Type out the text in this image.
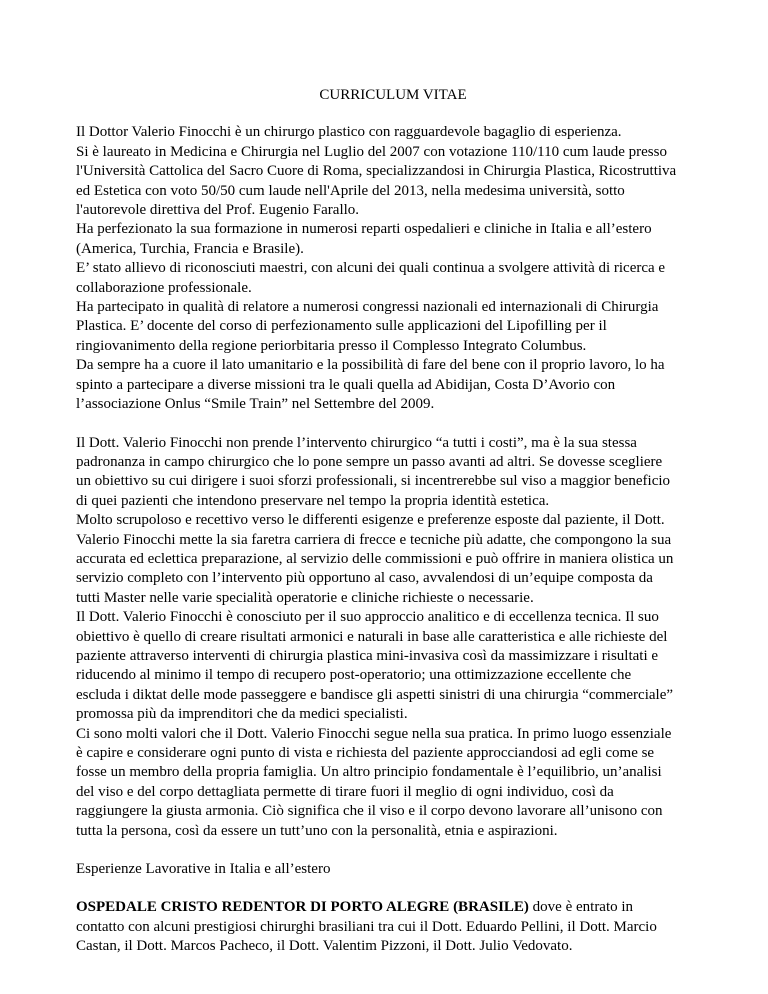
CURRICULUM VITAE
Il Dottor Valerio Finocchi è un chirurgo plastico con ragguardevole bagaglio di esperienza.
Si è laureato in Medicina e Chirurgia nel Luglio del 2007 con votazione 110/110 cum laude presso
l'Università Cattolica del Sacro Cuore di Roma, specializzandosi in Chirurgia Plastica, Ricostruttiva
ed Estetica con voto 50/50 cum laude nell'Aprile del 2013, nella medesima università, sotto
l'autorevole direttiva del Prof. Eugenio Farallo.
Ha perfezionato la sua formazione in numerosi reparti ospedalieri e cliniche in Italia e all’estero
(America, Turchia, Francia e Brasile).
E’ stato allievo di riconosciuti maestri, con alcuni dei quali continua a svolgere attività di ricerca e
collaborazione professionale.
Ha partecipato in qualità di relatore a numerosi congressi nazionali ed internazionali di Chirurgia
Plastica. E’ docente del corso di perfezionamento sulle applicazioni del Lipofilling per il
ringiovanimento della regione periorbitaria presso il Complesso Integrato Columbus.
Da sempre ha a cuore il lato umanitario e la possibilità di fare del bene con il proprio lavoro, lo ha
spinto a partecipare a diverse missioni tra le quali quella ad Abidijan, Costa D’Avorio con
l’associazione Onlus “Smile Train” nel Settembre del 2009.
Il Dott. Valerio Finocchi non prende l’intervento chirurgico “a tutti i costi”, ma è la sua stessa
padronanza in campo chirurgico che lo pone sempre un passo avanti ad altri. Se dovesse scegliere
un obiettivo su cui dirigere i suoi sforzi professionali, si incentrerebbe sul viso a maggior beneficio
di quei pazienti che intendono preservare nel tempo la propria identità estetica.
Molto scrupoloso e recettivo verso le differenti esigenze e preferenze esposte dal paziente, il Dott.
Valerio Finocchi mette la sia faretra carriera di frecce e tecniche più adatte, che compongono la sua
accurata ed eclettica preparazione, al servizio delle commissioni e può offrire in maniera olistica un
servizio completo con l’intervento più opportuno al caso, avvalendosi di un’equipe composta da
tutti Master nelle varie specialità operatorie e cliniche richieste o necessarie.
Il Dott. Valerio Finocchi è conosciuto per il suo approccio analitico e di eccellenza tecnica. Il suo
obiettivo è quello di creare risultati armonici e naturali in base alle caratteristica e alle richieste del
paziente attraverso interventi di chirurgia plastica mini-invasiva così da massimizzare i risultati e
riducendo al minimo il tempo di recupero post-operatorio; una ottimizzazione eccellente che
escluda i diktat delle mode passeggere e bandisce gli aspetti sinistri di una chirurgia “commerciale”
promossa più da imprenditori che da medici specialisti.
Ci sono molti valori che il Dott. Valerio Finocchi segue nella sua pratica. In primo luogo essenziale
è capire e considerare ogni punto di vista e richiesta del paziente approcciandosi ad egli come se
fosse un membro della propria famiglia. Un altro principio fondamentale è l’equilibrio, un’analisi
del viso e del corpo dettagliata permette di tirare fuori il meglio di ogni individuo, così da
raggiungere la giusta armonia. Ciò significa che il viso e il corpo devono lavorare all’unisono con
tutta la persona, così da essere un tutt’uno con la personalità, etnia e aspirazioni.
Esperienze Lavorative in Italia e all’estero
OSPEDALE CRISTO REDENTOR DI PORTO ALEGRE (BRASILE) dove è entrato in
contatto con alcuni prestigiosi chirurghi brasiliani tra cui il Dott. Eduardo Pellini, il Dott. Marcio
Castan, il Dott. Marcos Pacheco, il Dott. Valentim Pizzoni, il Dott. Julio Vedovato.
